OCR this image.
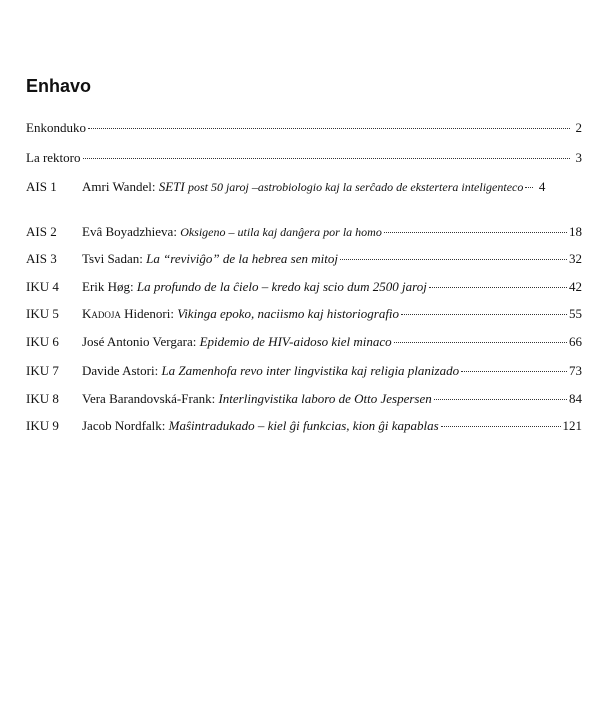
Enhavo
Enkonduko	2
La rektoro	3
AIS 1	Amri Wandel: SETI post 50 jaroj – astrobiologio kaj la serĉado de ekstertera inteligenteco 4
AIS 2	Evâ Boyadzhieva: Oksigeno – utila kaj danĝera por la homo	18
AIS 3	Tsvi Sadan: La “reviviĝo” de la hebrea sen mitoj	32
IKU 4	Erik Høg: La profundo de la ĉielo – kredo kaj scio dum 2500 jaroj	42
IKU 5	Kadoja Hidenori: Vikinga epoko, naciismo kaj historiografio	55
IKU 6	José Antonio Vergara: Epidemio de HIV-aidoso kiel minaco	66
IKU 7	Davide Astori: La Zamenhofa revo inter lingvistika kaj religia planizado	73
IKU 8	Vera Barandovská-Frank: Interlingvistika laboro de Otto Jespersen	84
IKU 9	Jacob Nordfalk: Maŝintradukado – kiel ĝi funkcias, kion ĝi kapablas	121
